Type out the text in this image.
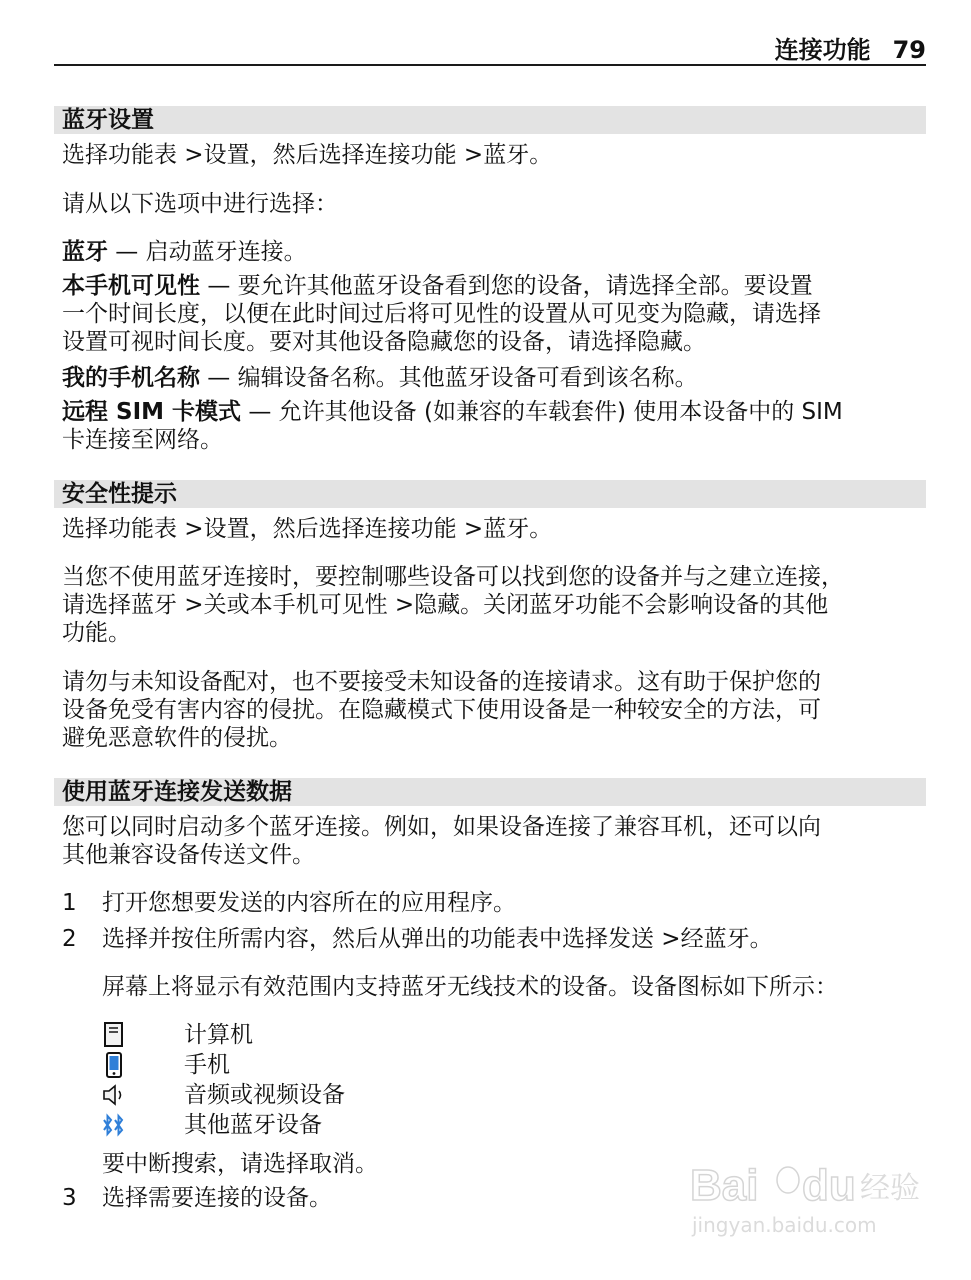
连接功能 79
蓝牙设置
选择功能表 >设置，然后选择连接功能 >蓝牙。
请从以下选项中进行选择：
蓝牙 — 启动蓝牙连接。
本手机可见性 — 要允许其他蓝牙设备看到您的设备，请选择全部。要设置
一个时间长度，以便在此时间过后将可见性的设置从可见变为隐藏，请选择
设置可视时间长度。要对其他设备隐藏您的设备，请选择隐藏。
我的手机名称 — 编辑设备名称。其他蓝牙设备可看到该名称。
远程 SIM 卡模式 — 允许其他设备 (如兼容的车载套件) 使用本设备中的 SIM
卡连接至网络。
安全性提示
选择功能表 >设置，然后选择连接功能 >蓝牙。
当您不使用蓝牙连接时，要控制哪些设备可以找到您的设备并与之建立连接，
请选择蓝牙 >关或本手机可见性 >隐藏。关闭蓝牙功能不会影响设备的其他
功能。
请勿与未知设备配对，也不要接受未知设备的连接请求。这有助于保护您的
设备免受有害内容的侵扰。在隐藏模式下使用设备是一种较安全的方法，可
避免恶意软件的侵扰。
使用蓝牙连接发送数据
您可以同时启动多个蓝牙连接。例如，如果设备连接了兼容耳机，还可以向
其他兼容设备传送文件。
1 打开您想要发送的内容所在的应用程序。
2 选择并按住所需内容，然后从弹出的功能表中选择发送 >经蓝牙。
屏幕上将显示有效范围内支持蓝牙无线技术的设备。设备图标如下所示：
计算机
手机
音频或视频设备
其他蓝牙设备
要中断搜索，请选择取消。
3 选择需要连接的设备。	Bai du 经验
jingyan.baidu.com
